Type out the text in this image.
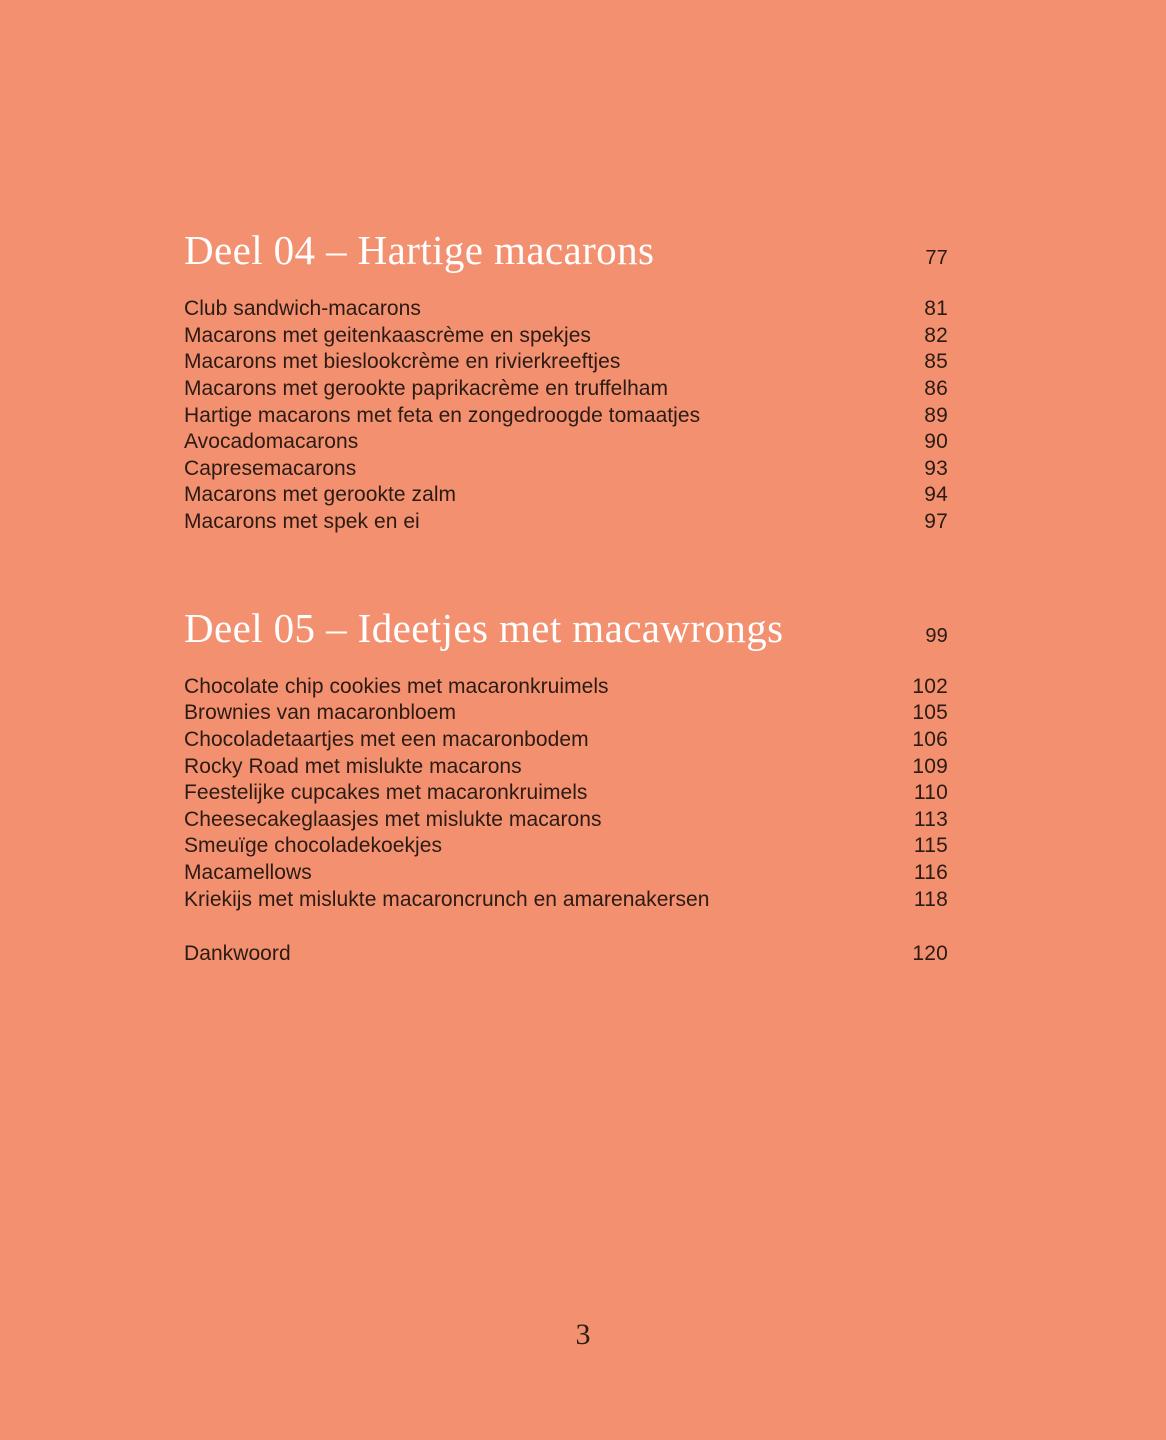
Deel 04 – Hartige macarons	77
Club sandwich-macarons	81
Macarons met geitenkaascrème en spekjes	82
Macarons met bieslookcrème en rivierkreeftjes	85
Macarons met gerookte paprikacrème en truffelham	86
Hartige macarons met feta en zongedroogde tomaatjes	89
Avocadomacarons	90
Capresemacarons	93
Macarons met gerookte zalm	94
Macarons met spek en ei	97
Deel 05 – Ideetjes met macawrongs	99
Chocolate chip cookies met macaronkruimels	102
Brownies van macaronbloem	105
Chocoladetaartjes met een macaronbodem	106
Rocky Road met mislukte macarons	109
Feestelijke cupcakes met macaronkruimels	110
Cheesecakeglaasjes met mislukte macarons	113
Smeuïge chocoladekoekjes	115
Macamellows	116
Kriekijs met mislukte macaroncrunch en amarenakersen	118
Dankwoord	120
3
